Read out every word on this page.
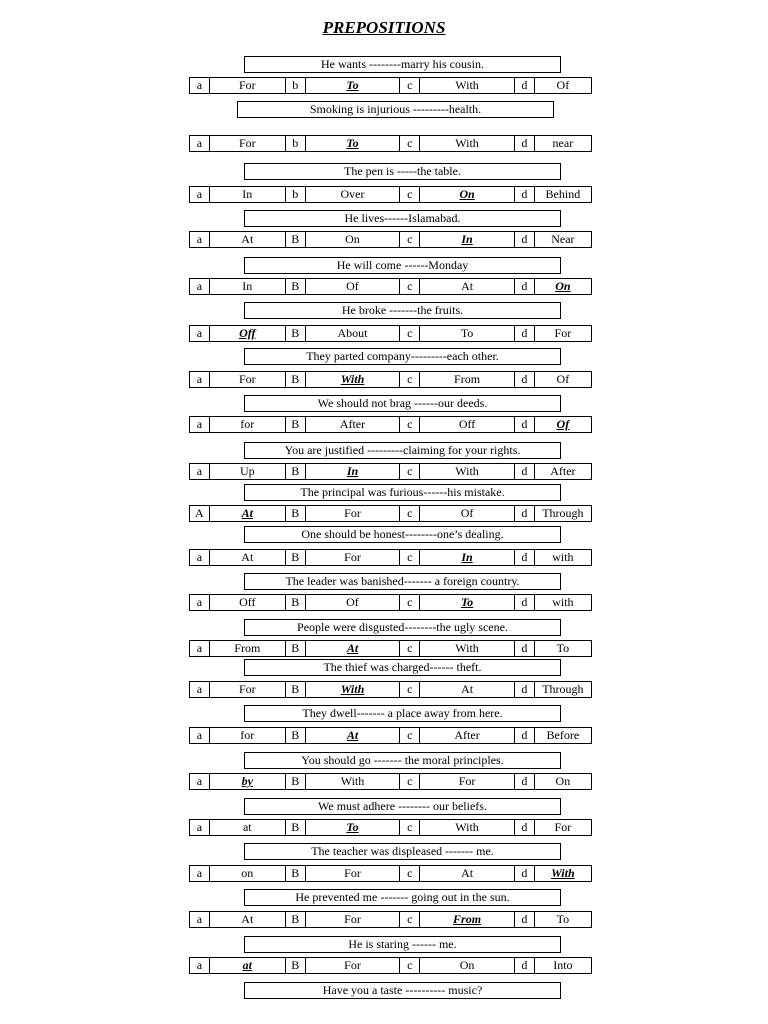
PREPOSITIONS
He wants --------marry his cousin.
a	For	b	To	c	With	d	Of
Smoking is injurious ---------health.
a	For	b	To	c	With	d	near
The pen is -----the table.
a	In	b	Over	c	On	d	Behind
He lives------Islamabad.
a	At	B	On	c	In	d	Near
He will come ------Monday
a	In	B	Of	c	At	d	On
He broke -------the fruits.
a	Off	B	About	c	To	d	For
They parted company---------each other.
a	For	B	With	c	From	d	Of
We should not brag ------our deeds.
a	for	B	After	c	Off	d	Of
You are justified ---------claiming for your rights.
a	Up	B	In	c	With	d	After
The principal was furious------his mistake.
A	At	B	For	c	Of	d	Through
One should be honest--------one’s dealing.
a	At	B	For	c	In	d	with
The leader was banished------- a foreign country.
a	Off	B	Of	c	To	d	with
People were disgusted--------the ugly scene.
a	From	B	At	c	With	d	To
The thief was charged------ theft.
a	For	B	With	c	At	d	Through
They dwell------- a place away from here.
a	for	B	At	c	After	d	Before
You should go ------- the moral principles.
a	by	B	With	c	For	d	On
We must adhere -------- our beliefs.
a	at	B	To	c	With	d	For
The teacher was displeased ------- me.
a	on	B	For	c	At	d	With
He prevented me ------- going out in the sun.
a	At	B	For	c	From	d	To
He is staring ------ me.
a	at	B	For	c	On	d	Into
Have you a taste ---------- music?
